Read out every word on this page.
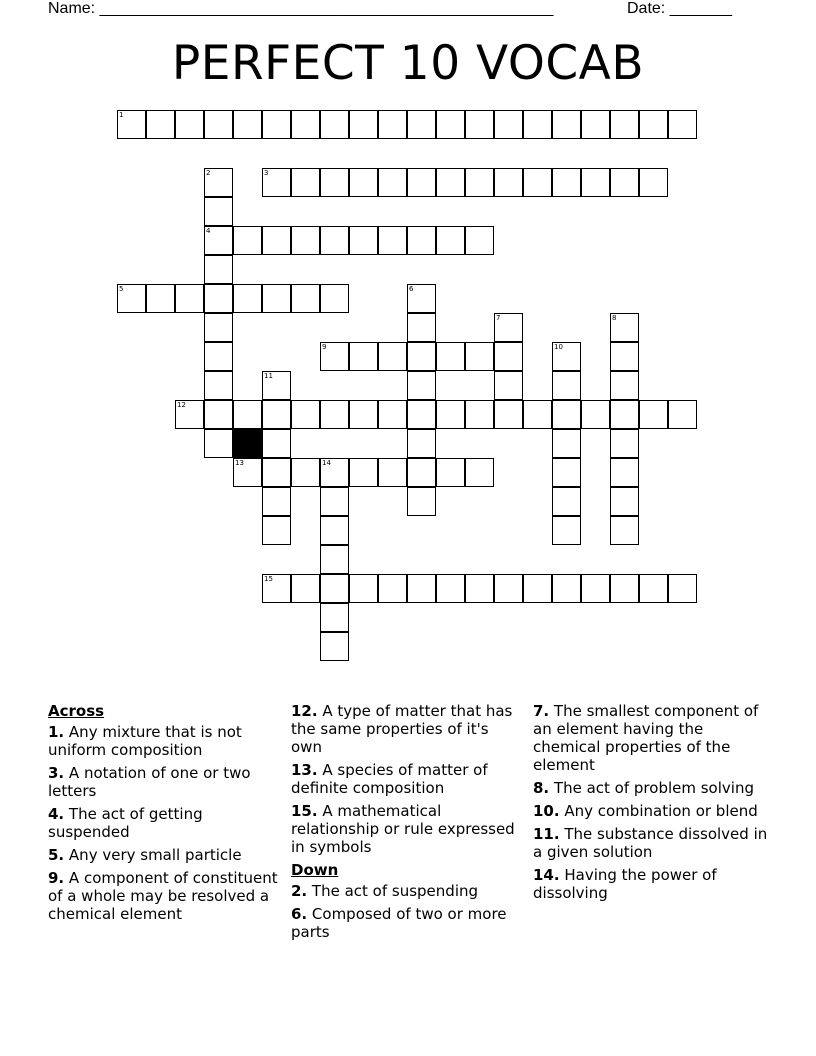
Name: ___________________________________________________	Date: _______
PERFECT 10 VOCAB
1
2	3
4
5	6
7	8
9	10
11
12
13	14
15
Across
1. Any mixture that is not uniform composition
3. A notation of one or two letters
4. The act of getting suspended
5. Any very small particle
9. A component of constituent of a whole may be resolved a chemical element
12. A type of matter that has the same properties of it's own
13. A species of matter of definite composition
15. A mathematical relationship or rule expressed in symbols
Down
2. The act of suspending
6. Composed of two or more parts
7. The smallest component of an element having the chemical properties of the element
8. The act of problem solving
10. Any combination or blend
11. The substance dissolved in a given solution
14. Having the power of dissolving
